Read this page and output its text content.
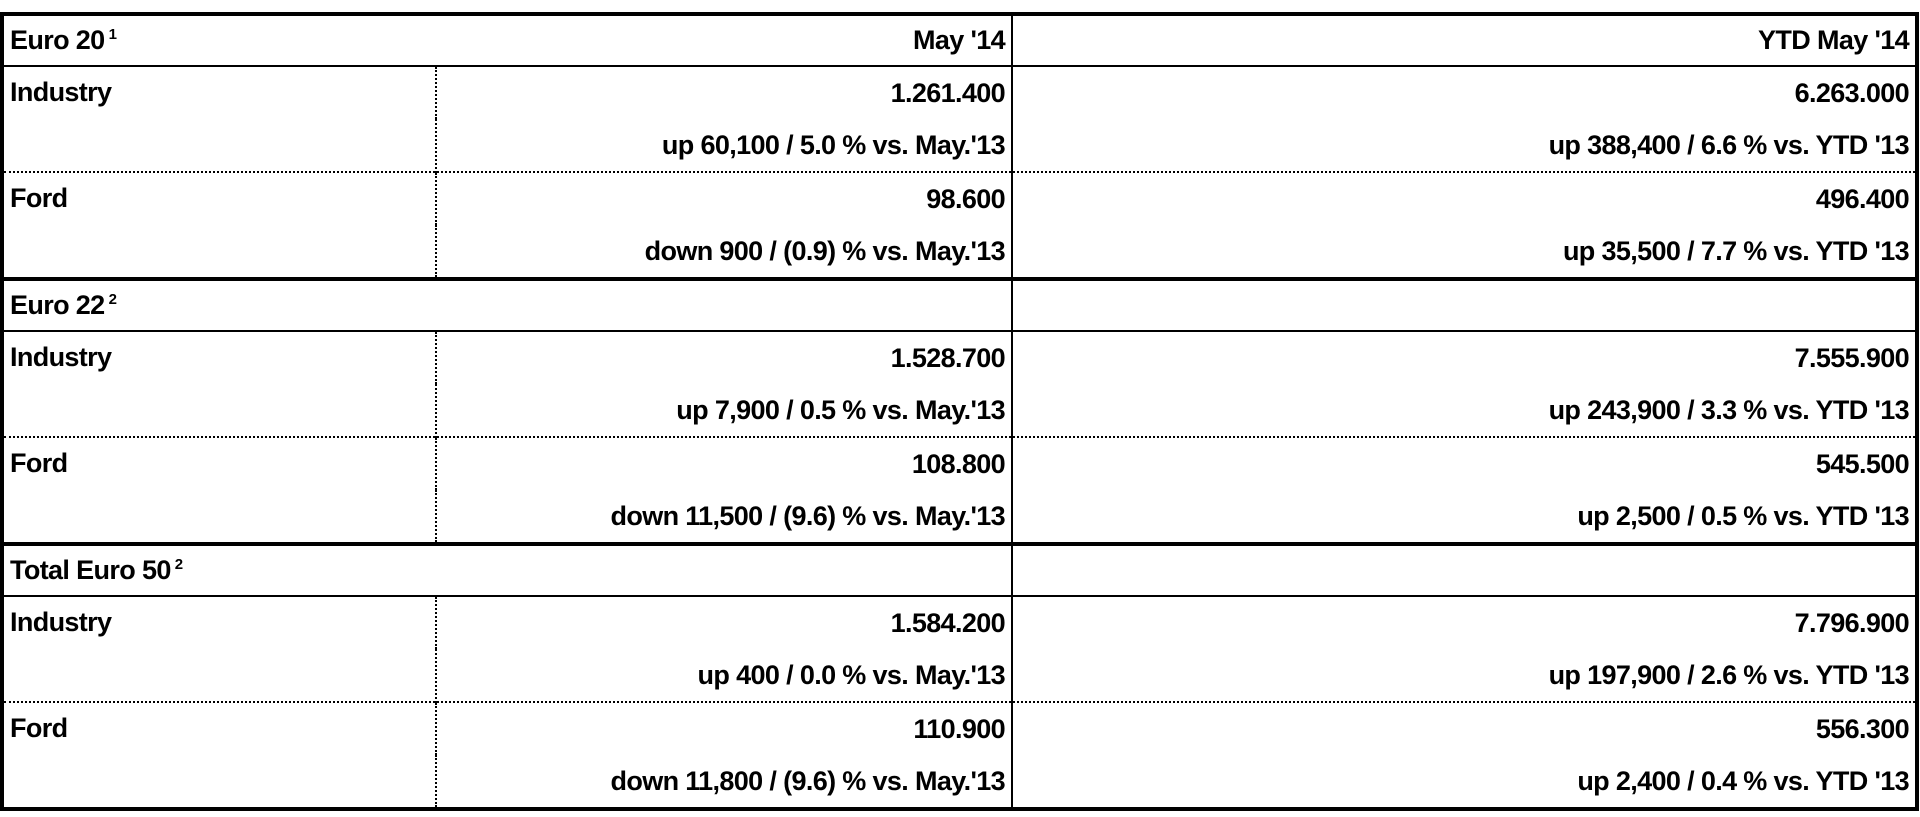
Euro 20 $^1$	May '14	YTD May '14
Industry	1.261.400	6.263.000
	up 60,100 / 5.0 % vs. May.'13	up 388,400 / 6.6 % vs. YTD '13
Ford	98.600	496.400
	down 900 / (0.9) % vs. May.'13	up 35,500 / 7.7 % vs. YTD '13
Euro 22 $^2$		
Industry	1.528.700	7.555.900
	up 7,900 / 0.5 % vs. May.'13	up 243,900 / 3.3 % vs. YTD '13
Ford	108.800	545.500
	down 11,500 / (9.6) % vs. May.'13	up 2,500 / 0.5 % vs. YTD '13
Total Euro 50 $^2$		
Industry	1.584.200	7.796.900
	up 400 / 0.0 % vs. May.'13	up 197,900 / 2.6 % vs. YTD '13
Ford	110.900	556.300
	down 11,800 / (9.6) % vs. May.'13	up 2,400 / 0.4 % vs. YTD '13
